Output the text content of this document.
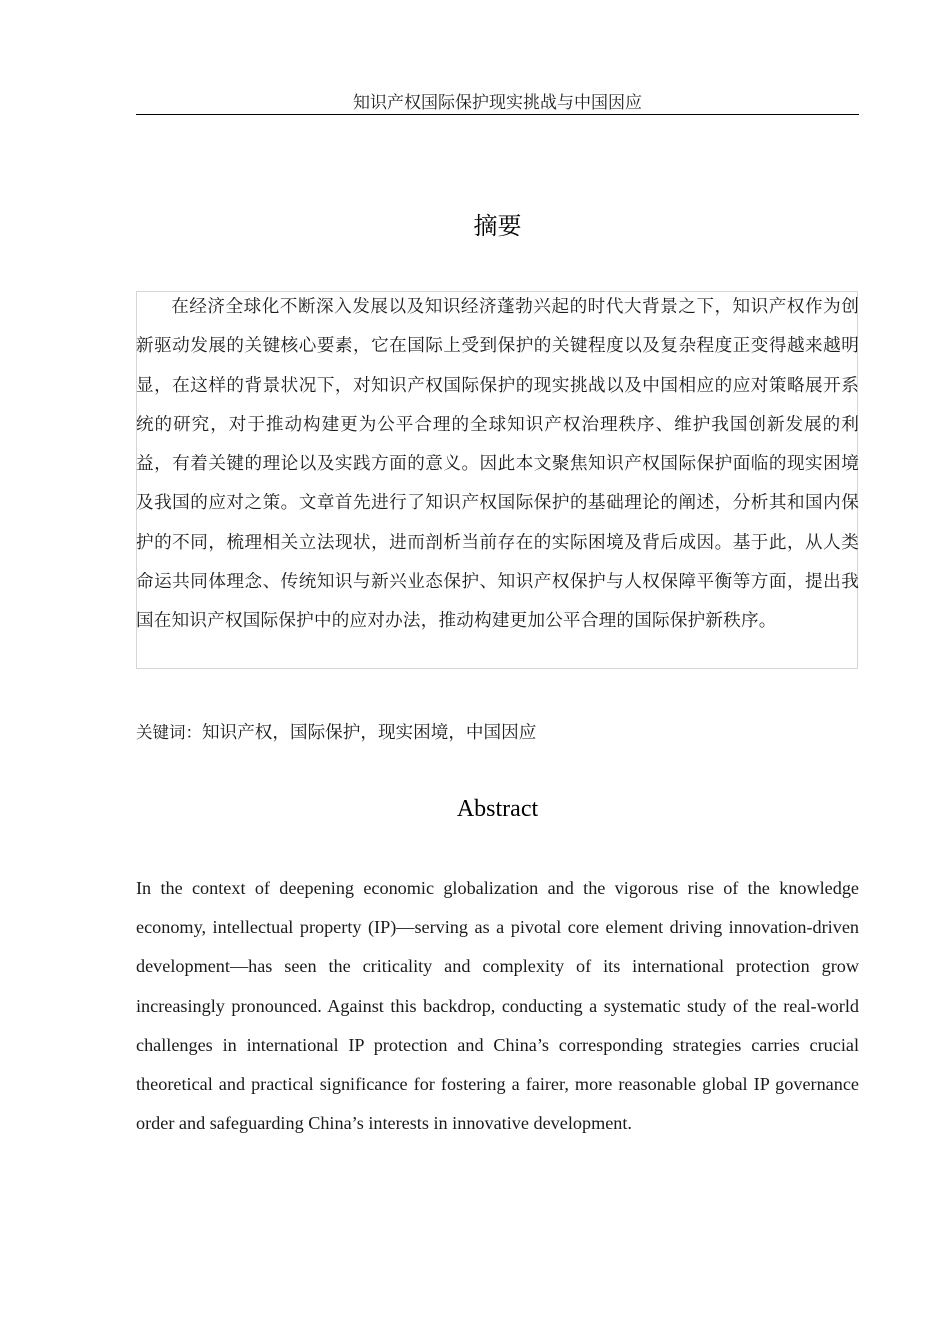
知识产权国际保护现实挑战与中国因应
摘要

在经济全球化不断深入发展以及知识经济蓬勃兴起的时代大背景之下，知识产权作为创新驱动发展的关键核心要素，它在国际上受到保护的关键程度以及复杂程度正变得越来越明显，在这样的背景状况下，对知识产权国际保护的现实挑战以及中国相应的应对策略展开系统的研究，对于推动构建更为公平合理的全球知识产权治理秩序、维护我国创新发展的利益，有着关键的理论以及实践方面的意义。因此本文聚焦知识产权国际保护面临的现实困境及我国的应对之策。文章首先进行了知识产权国际保护的基础理论的阐述，分析其和国内保护的不同，梳理相关立法现状，进而剖析当前存在的实际困境及背后成因。基于此，从人类命运共同体理念、传统知识与新兴业态保护、知识产权保护与人权保障平衡等方面，提出我国在知识产权国际保护中的应对办法，推动构建更加公平合理的国际保护新秩序。

关键词：知识产权，国际保护，现实困境，中国因应
Abstract

In the context of deepening economic globalization and the vigorous rise of the knowledge economy, intellectual property (IP)—serving as a pivotal core element driving innovation-driven development—has seen the criticality and complexity of its international protection grow increasingly pronounced. Against this backdrop, conducting a systematic study of the real-world challenges in international IP protection and China’s corresponding strategies carries crucial theoretical and practical significance for fostering a fairer, more reasonable global IP governance order and safeguarding China’s interests in innovative development.
